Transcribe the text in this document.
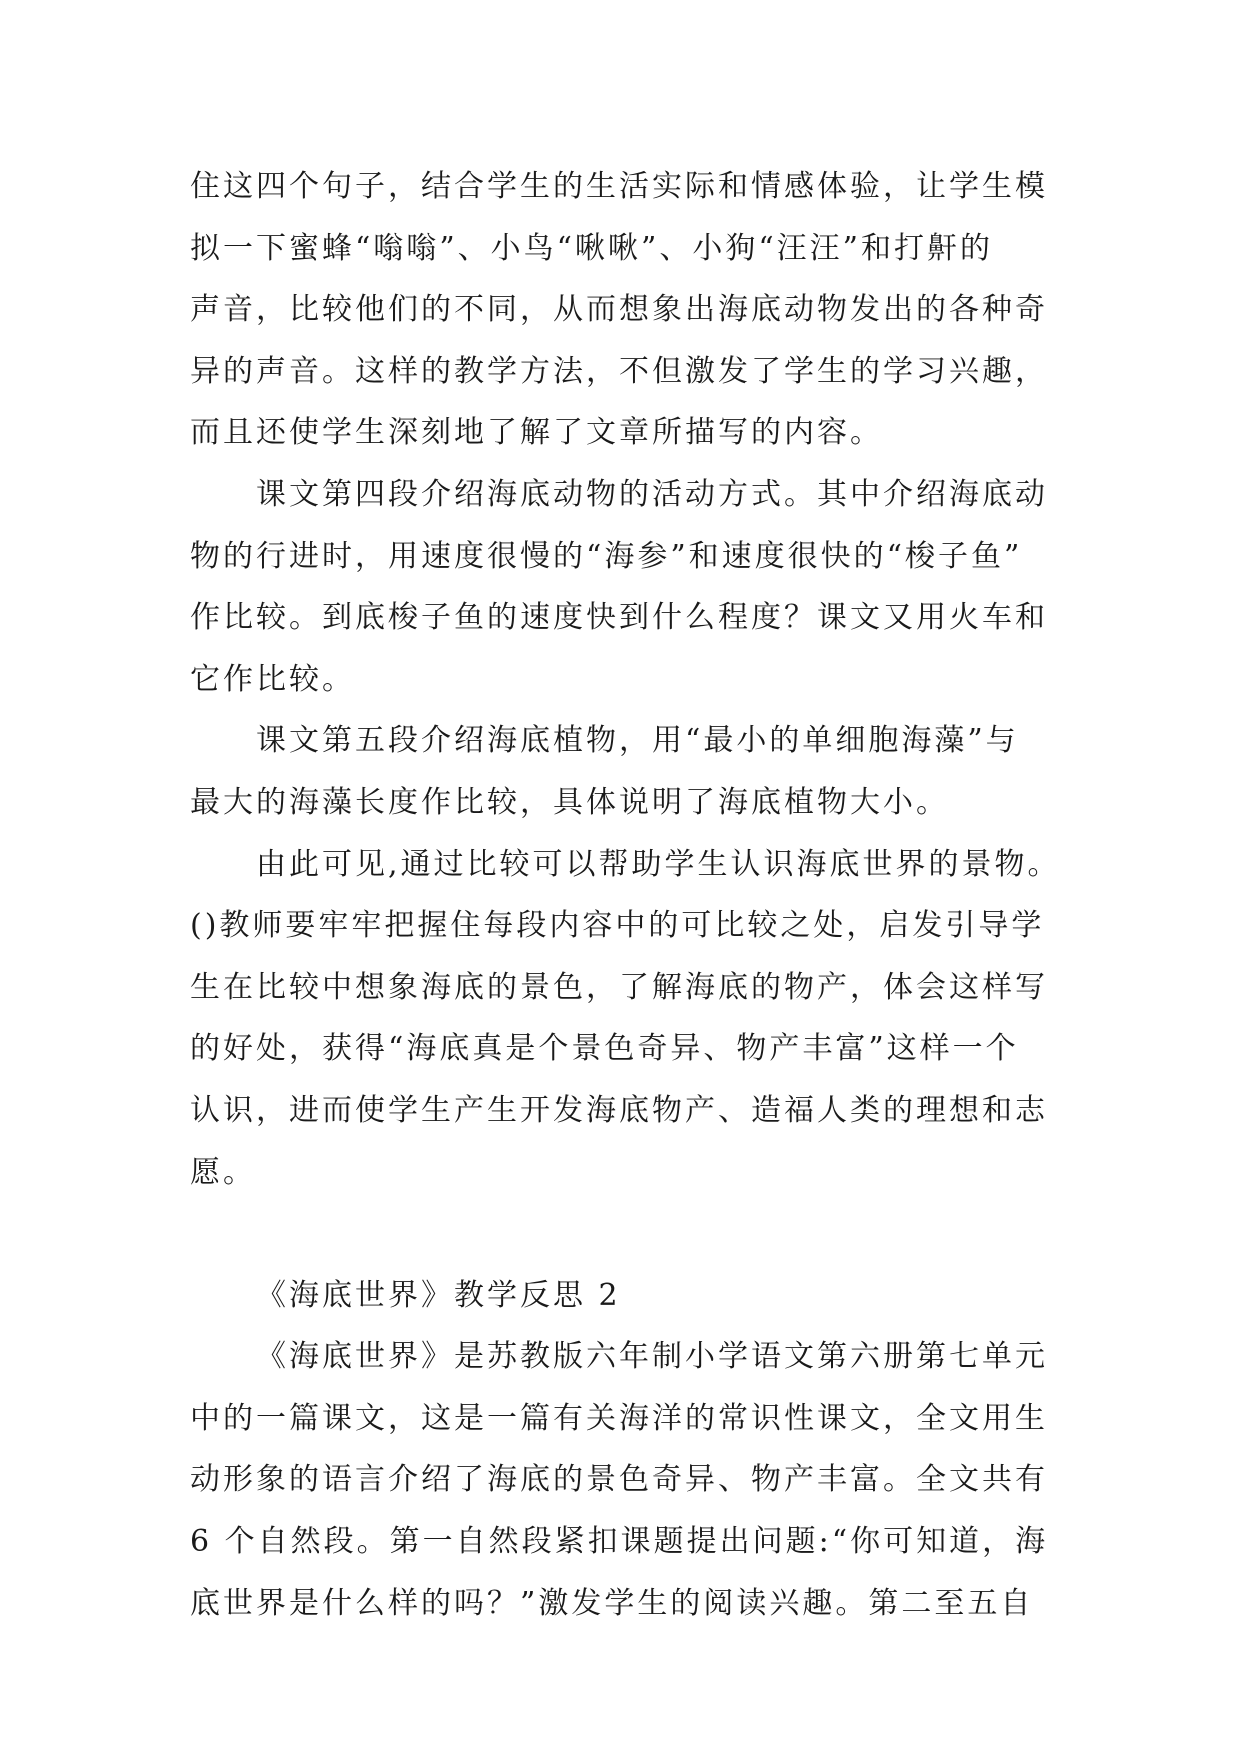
住这四个句子，结合学生的生活实际和情感体验，让学生模
拟一下蜜蜂“嗡嗡”、小鸟“啾啾”、小狗“汪汪”和打鼾的
声音，比较他们的不同，从而想象出海底动物发出的各种奇
异的声音。这样的教学方法，不但激发了学生的学习兴趣，
而且还使学生深刻地了解了文章所描写的内容。
课文第四段介绍海底动物的活动方式。其中介绍海底动
物的行进时，用速度很慢的“海参”和速度很快的“梭子鱼”
作比较。到底梭子鱼的速度快到什么程度？课文又用火车和
它作比较。
课文第五段介绍海底植物，用“最小的单细胞海藻”与
最大的海藻长度作比较，具体说明了海底植物大小。
由此可见,通过比较可以帮助学生认识海底世界的景物。
()教师要牢牢把握住每段内容中的可比较之处，启发引导学
生在比较中想象海底的景色，了解海底的物产，体会这样写
的好处，获得“海底真是个景色奇异、物产丰富”这样一个
认识，进而使学生产生开发海底物产、造福人类的理想和志
愿。
《海底世界》教学反思 2
《海底世界》是苏教版六年制小学语文第六册第七单元
中的一篇课文，这是一篇有关海洋的常识性课文，全文用生
动形象的语言介绍了海底的景色奇异、物产丰富。全文共有
6 个自然段。第一自然段紧扣课题提出问题:“你可知道，海
底世界是什么样的吗？”激发学生的阅读兴趣。第二至五自
